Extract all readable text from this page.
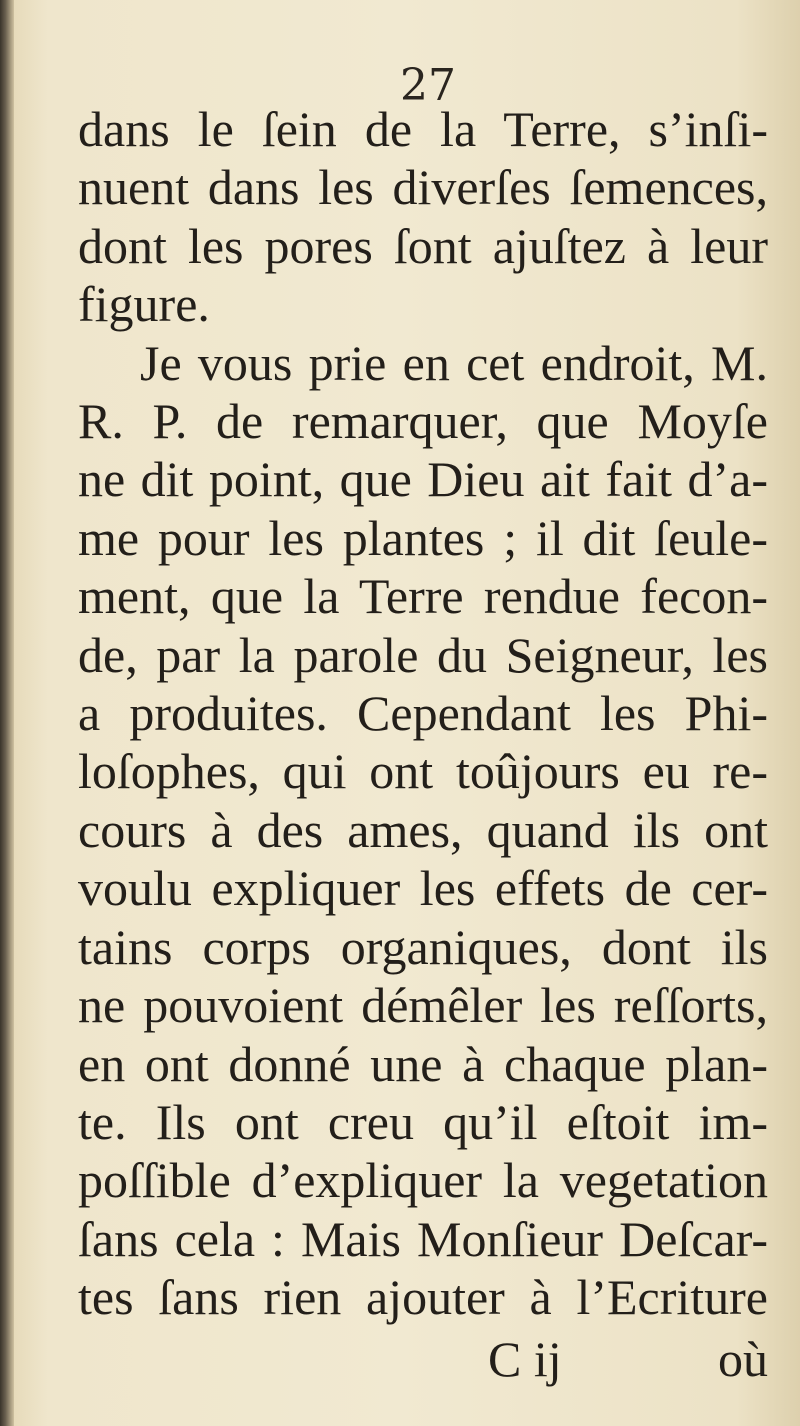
27
dans le ſein de la Terre, s’inſi-
nuent dans les diverſes ſemences,
dont les pores ſont ajuſtez à leur
figure.
Je vous prie en cet endroit, M.
R. P. de remarquer, que Moyſe
ne dit point, que Dieu ait fait d’a-
me pour les plantes ; il dit ſeule-
ment, que la Terre rendue fecon-
de, par la parole du Seigneur, les
a produites. Cependant les Phi-
loſophes, qui ont toûjours eu re-
cours à des ames, quand ils ont
voulu expliquer les effets de cer-
tains corps organiques, dont ils
ne pouvoient démêler les reſſorts,
en ont donné une à chaque plan-
te. Ils ont creu qu’il eſtoit im-
poſſible d’expliquer la vegetation
ſans cela : Mais Monſieur Deſcar-
tes ſans rien ajouter à l’Ecriture
C ij	où
